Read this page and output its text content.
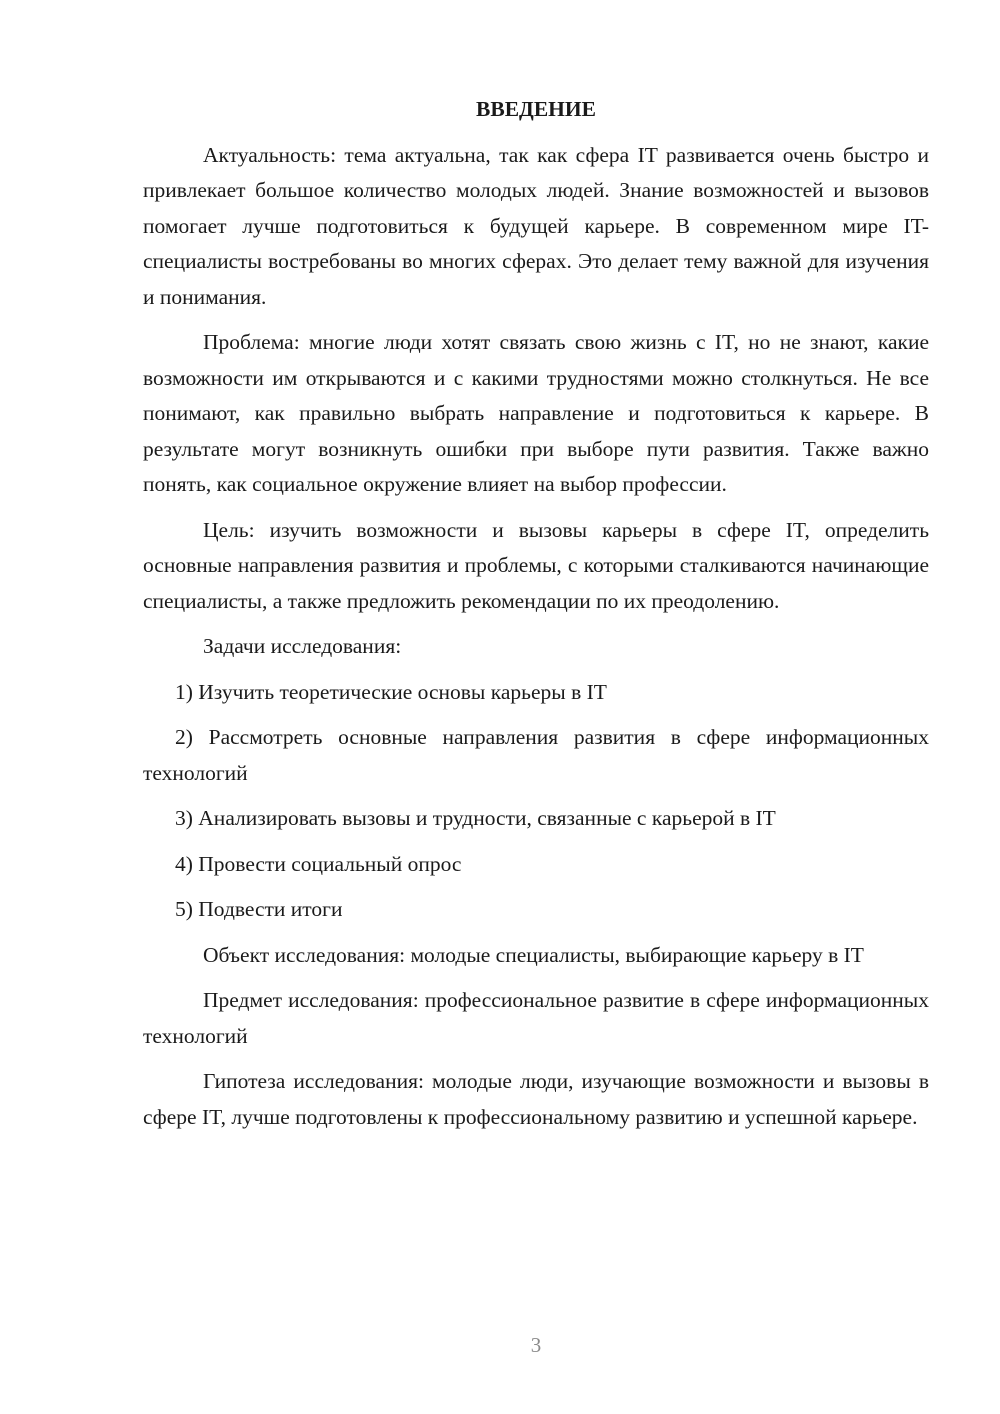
ВВЕДЕНИЕ

Актуальность: тема актуальна, так как сфера IT развивается очень быстро и привлекает большое количество молодых людей. Знание возможностей и вызовов помогает лучше подготовиться к будущей карьере. В современном мире IT-специалисты востребованы во многих сферах. Это делает тему важной для изучения и понимания.

Проблема: многие люди хотят связать свою жизнь с IT, но не знают, какие возможности им открываются и с какими трудностями можно столкнуться. Не все понимают, как правильно выбрать направление и подготовиться к карьере. В результате могут возникнуть ошибки при выборе пути развития. Также важно понять, как социальное окружение влияет на выбор профессии.

Цель: изучить возможности и вызовы карьеры в сфере IT, определить основные направления развития и проблемы, с которыми сталкиваются начинающие специалисты, а также предложить рекомендации по их преодолению.

Задачи исследования:

1) Изучить теоретические основы карьеры в IT

2) Рассмотреть основные направления развития в сфере информационных технологий

3) Анализировать вызовы и трудности, связанные с карьерой в IT

4) Провести социальный опрос

5) Подвести итоги

Объект исследования: молодые специалисты, выбирающие карьеру в IT

Предмет исследования: профессиональное развитие в сфере информационных технологий

Гипотеза исследования: молодые люди, изучающие возможности и вызовы в сфере IT, лучше подготовлены к профессиональному развитию и успешной карьере.

3
